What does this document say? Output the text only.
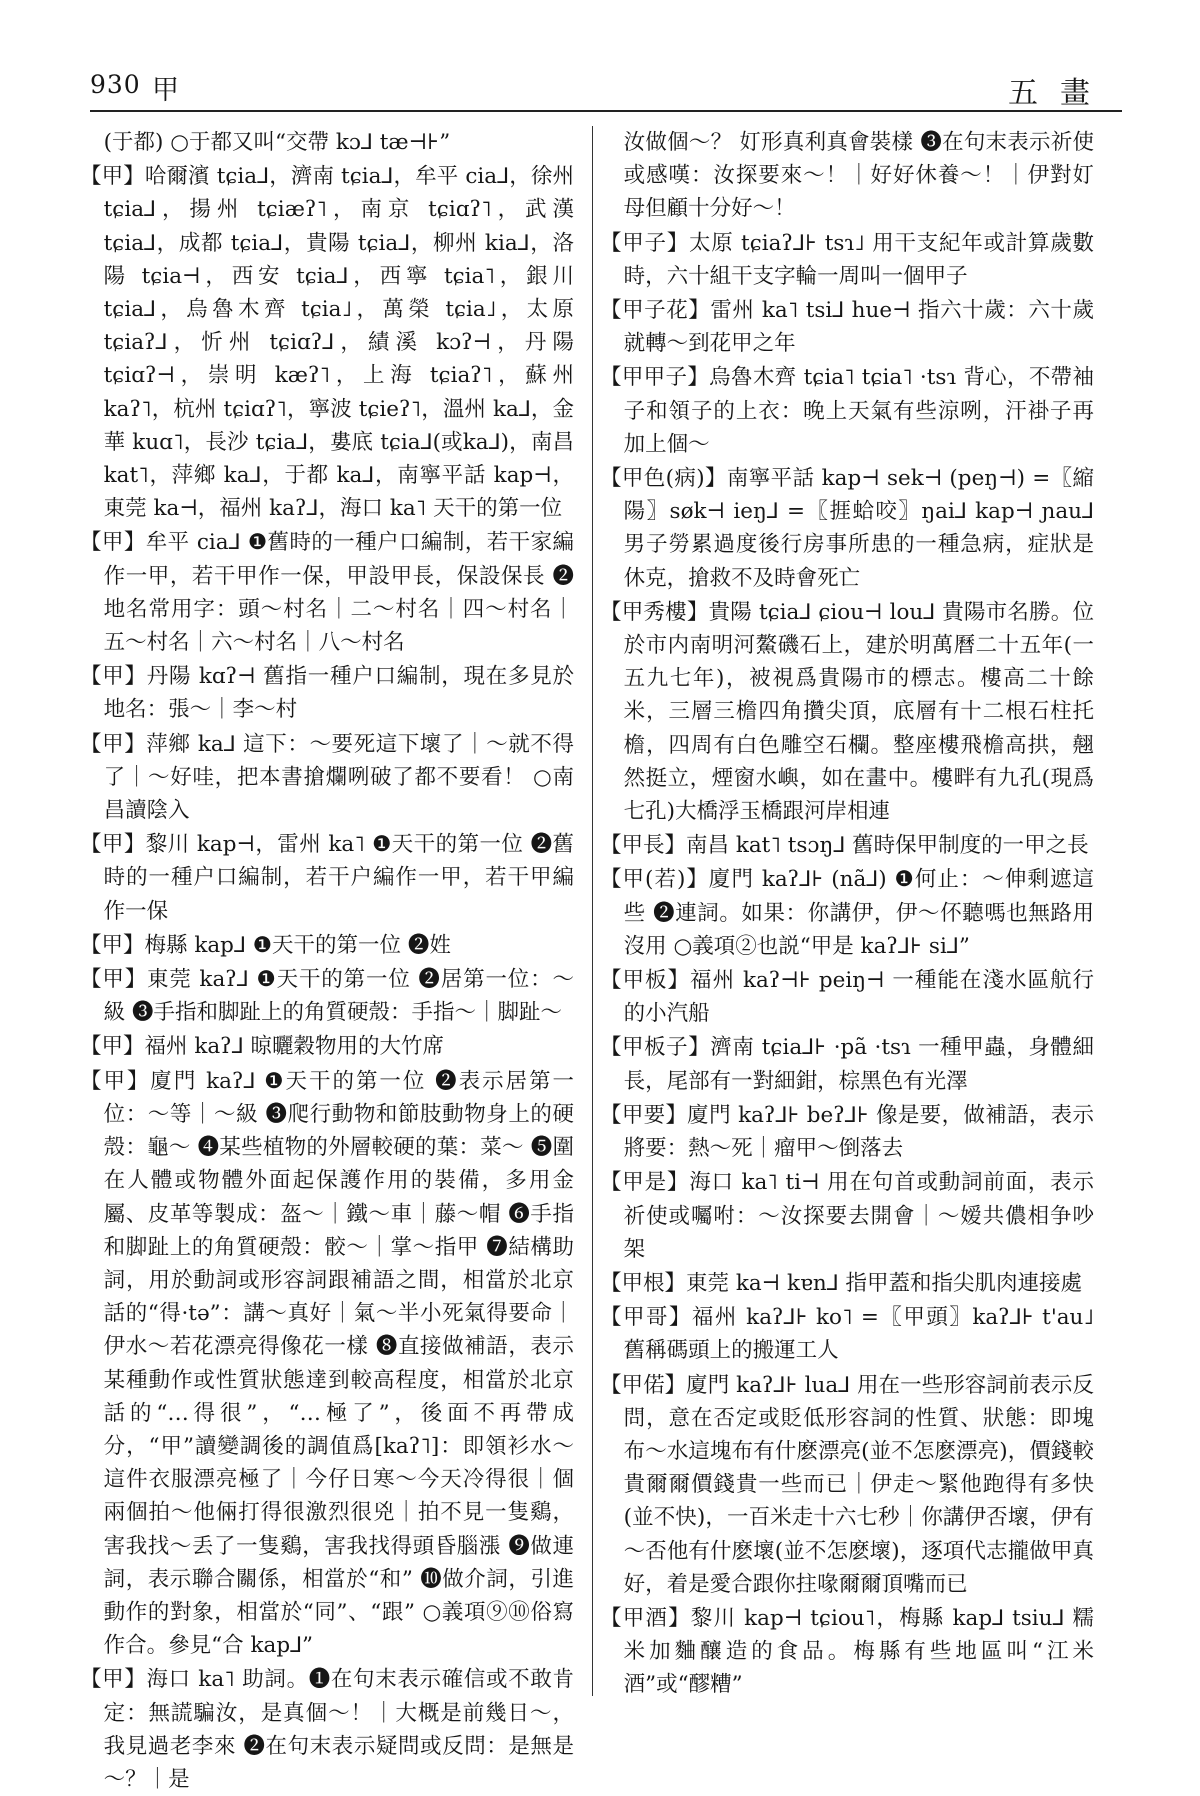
930 甲	五畫

(于都) ○于都又叫“交帶 kɔ⅃ tæ⊣⊦”

【甲】哈爾濱 tɕia⅃，濟南 tɕia⅃，牟平 cia⅃，徐州 tɕia⅃，揚州 tɕiæʔ˥，南京 tɕiɑʔ˥，武漢 tɕia⅃，成都 tɕia⅃，貴陽 tɕia⅃，柳州 kia⅃，洛陽 tɕia⊣，西安 tɕia⅃，西寧 tɕia˥，銀川 tɕia⅃，烏魯木齊 tɕia˩，萬榮 tɕia˩，太原 tɕiaʔ⅃，忻州 tɕiɑʔ⅃，績溪 kɔʔ⊣，丹陽 tɕiɑʔ⊣，崇明 kæʔ˥，上海 tɕiaʔ˥，蘇州 kaʔ˥，杭州 tɕiɑʔ˥，寧波 tɕieʔ˥，溫州 ka⅃，金華 kuɑ˥，長沙 tɕia⅃，婁底 tɕia⅃(或ka⅃)，南昌 kat˥，萍鄉 ka⅃，于都 ka⅃，南寧平話 kap⊣，東莞 ka⊣，福州 kaʔ⅃，海口 ka˥ 天干的第一位

【甲】牟平 cia⅃ ❶舊時的一種户口編制，若干家編作一甲，若干甲作一保，甲設甲長，保設保長 ❷地名常用字：頭～村名｜二～村名｜四～村名｜五～村名｜六～村名｜八～村名

【甲】丹陽 kɑʔ⊣ 舊指一種户口編制，現在多見於地名：張～｜李～村

【甲】萍鄉 ka⅃ 這下：～要死這下壞了｜～就不得了｜～好哇，把本書搶爛咧破了都不要看！ ○南昌讀陰入

【甲】黎川 kap⊣，雷州 ka˥ ❶天干的第一位 ❷舊時的一種户口編制，若干户編作一甲，若干甲編作一保

【甲】梅縣 kap⅃ ❶天干的第一位 ❷姓

【甲】東莞 kaʔ⅃ ❶天干的第一位 ❷居第一位：～級 ❸手指和脚趾上的角質硬殼：手指～｜脚趾～

【甲】福州 kaʔ⅃ 晾曬穀物用的大竹席

【甲】廈門 kaʔ⅃ ❶天干的第一位 ❷表示居第一位：～等｜～級 ❸爬行動物和節肢動物身上的硬殼：龜～ ❹某些植物的外層較硬的葉：菜～ ❺圍在人體或物體外面起保護作用的裝備，多用金屬、皮革等製成：盔～｜鐵～車｜藤～帽 ❻手指和脚趾上的角質硬殼：骹～｜掌～指甲 ❼結構助詞，用於動詞或形容詞跟補語之間，相當於北京話的“得·tə”：講～真好｜氣～半小死氣得要命｜伊水～若花漂亮得像花一樣 ❽直接做補語，表示某種動作或性質狀態達到較高程度，相當於北京話的“…得很”，“…極了”，後面不再帶成分，“甲”讀變調後的調值爲[kaʔ˥]：即領衫水～這件衣服漂亮極了｜今仔日寒～今天冷得很｜個兩個拍～他倆打得很激烈很兇｜拍不見一隻鷄，害我找～丢了一隻鷄，害我找得頭昏腦漲 ❾做連詞，表示聯合關係，相當於“和” ❿做介詞，引進動作的對象，相當於“同”、“跟” ○義項⑨⑩俗寫作合。參見“合 kap⅃”

【甲】海口 ka˥ 助詞。❶在句末表示確信或不敢肯定：無謊騙汝，是真個～！｜大概是前幾日～，我見過老李來 ❷在句末表示疑問或反問：是無是～？｜是

汝做個～？ 奵形真利真會裝樣 ❸在句末表示祈使或感嘆：汝探要來～！｜好好休養～！｜伊對奵母但顧十分好～！

【甲子】太原 tɕiaʔ⅃⊦ tsɿ˩ 用干支紀年或計算歲數時，六十組干支字輪一周叫一個甲子

【甲子花】雷州 ka˥ tsi⅃ hue⊣ 指六十歲：六十歲就轉～到花甲之年

【甲甲子】烏魯木齊 tɕia˥ tɕia˥ ·tsɿ 背心，不帶袖子和領子的上衣：晚上天氣有些涼咧，汗褂子再加上個～

【甲色(病)】南寧平話 kap⊣ sek⊣ (peŋ⊣) =〖縮陽〗søk⊣ ieŋ⅃ =〖捱蛤咬〗ŋai⅃ kap⊣ ɲau⅃ 男子勞累過度後行房事所患的一種急病，症狀是休克，搶救不及時會死亡

【甲秀樓】貴陽 tɕia⅃ ɕiou⊣ lou⅃ 貴陽市名勝。位於市内南明河鰲磯石上，建於明萬曆二十五年(一五九七年)，被視爲貴陽市的標志。樓高二十餘米，三層三檐四角攢尖頂，底層有十二根石柱托檐，四周有白色雕空石欄。整座樓飛檐高拱，翹然挺立，煙窗水嶼，如在畫中。樓畔有九孔(現爲七孔)大橋浮玉橋跟河岸相連

【甲長】南昌 kat˥ tsɔŋ⅃ 舊時保甲制度的一甲之長

【甲(若)】廈門 kaʔ⅃⊦ (nã⅃) ❶何止：～伸剩遮這些 ❷連詞。如果：你講伊，伊～伓聽嗎也無路用沒用 ○義項②也説“甲是 kaʔ⅃⊦ si⅃”

【甲板】福州 kaʔ⊣⊦ peiŋ⊣ 一種能在淺水區航行的小汽船

【甲板子】濟南 tɕia⅃⊦ ·pã ·tsɿ 一種甲蟲，身體細長，尾部有一對細鉗，棕黑色有光澤

【甲要】廈門 kaʔ⅃⊦ beʔ⅃⊦ 像是要，做補語，表示將要：熱～死｜瘤甲～倒落去

【甲是】海口 ka˥ ti⊣ 用在句首或動詞前面，表示祈使或囑咐：～汝探要去開會｜～嫒共儂相争吵架

【甲根】東莞 ka⊣ kɐn⅃ 指甲蓋和指尖肌肉連接處

【甲哥】福州 kaʔ⅃⊦ ko˥ =〖甲頭〗kaʔ⅃⊦ t'au˩ 舊稱碼頭上的搬運工人

【甲偌】廈門 kaʔ⅃⊦ lua⅃ 用在一些形容詞前表示反問，意在否定或貶低形容詞的性質、狀態：即塊布～水這塊布有什麽漂亮(並不怎麽漂亮)，價錢較貴爾爾價錢貴一些而已｜伊走～緊他跑得有多快(並不快)，一百米走十六七秒｜你講伊否壞，伊有～否他有什麽壞(並不怎麽壞)，逐項代志攏做甲真好，着是愛合跟你拄喙爾爾頂嘴而已

【甲酒】黎川 kap⊣ tɕiou˥，梅縣 kap⅃ tsiu⅃ 糯米加麯釀造的食品。梅縣有些地區叫“江米酒”或“醪糟”
